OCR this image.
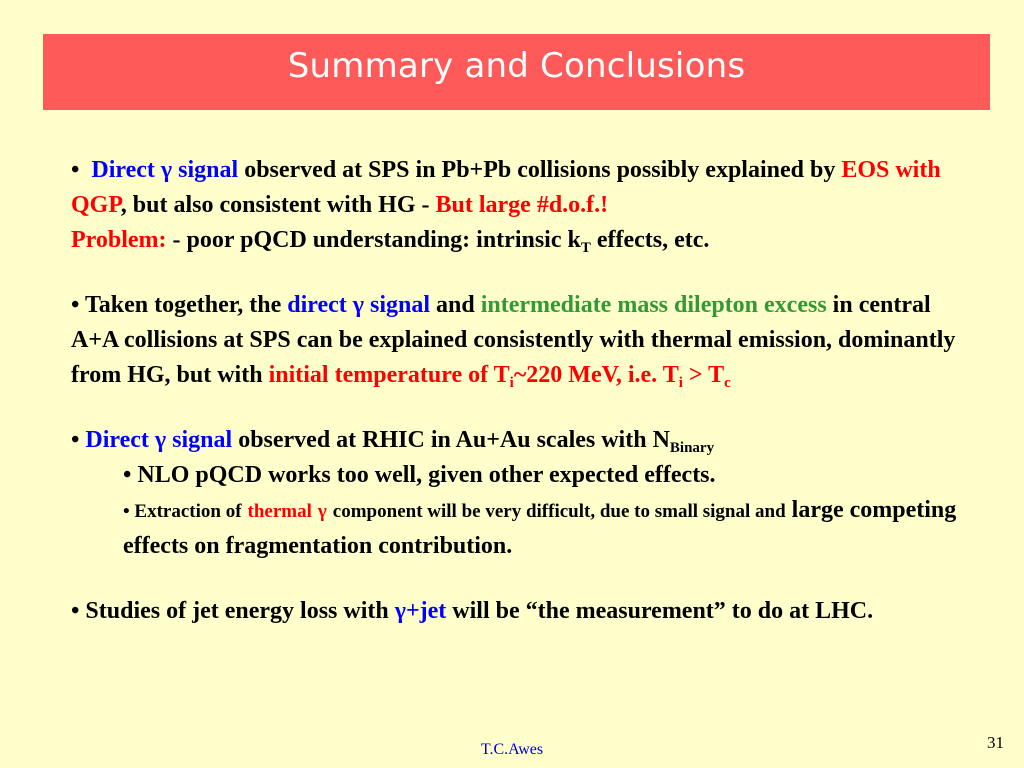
Summary and Conclusions

• Direct γ signal observed at SPS in Pb+Pb collisions possibly explained by EOS with QGP, but also consistent with HG - But large #d.o.f.!
Problem: - poor pQCD understanding: intrinsic $k_T$ effects, etc.

• Taken together, the direct γ signal and intermediate mass dilepton excess in central A+A collisions at SPS can be explained consistently with thermal emission, dominantly from HG, but with initial temperature of $T_i\sim 220$ MeV, i.e. $T_i > T_c$

• Direct γ signal observed at RHIC in Au+Au scales with $N_{Binary}$

• NLO pQCD works too well, given other expected effects.

• Extraction of thermal γ component will be very difficult, due to small signal and large competing effects on fragmentation contribution.

• Studies of jet energy loss with γ+jet will be “the measurement” to do at LHC.

T.C.Awes	31
